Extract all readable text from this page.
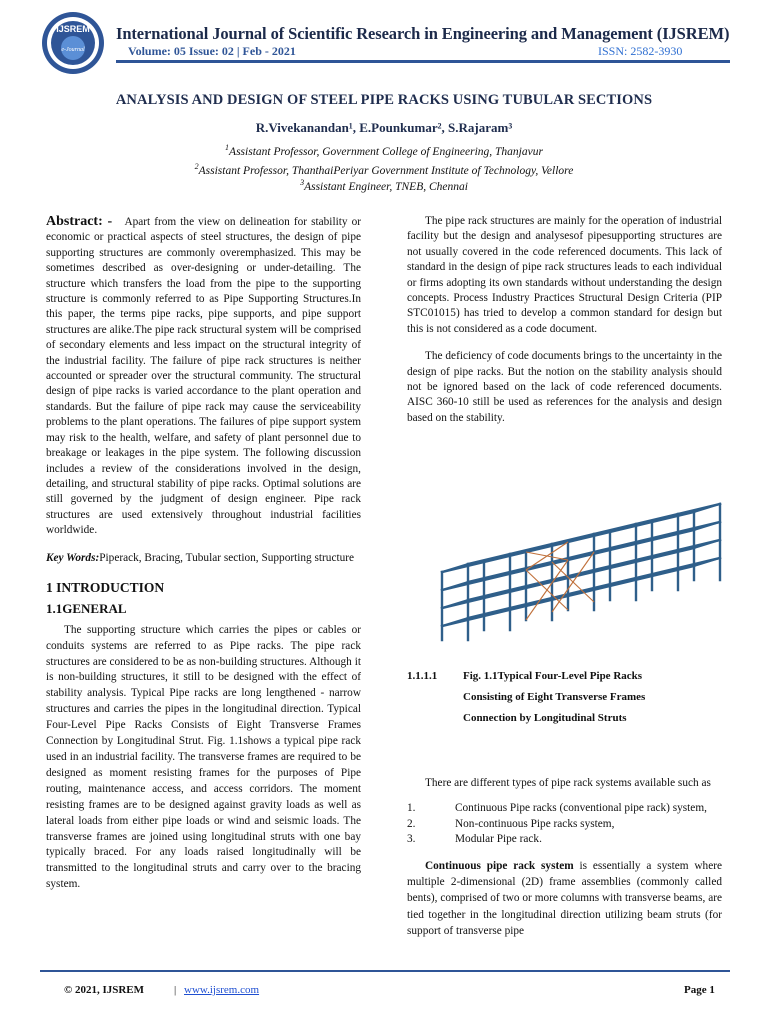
IJSREM
e-Journal
International Journal of Scientific Research in Engineering and Management (IJSREM)
Volume: 05 Issue: 02 | Feb - 2021	ISSN: 2582-3930
ANALYSIS AND DESIGN OF STEEL PIPE RACKS USING TUBULAR SECTIONS
R.Vivekanandan¹, E.Pounkumar², S.Rajaram³
$^1$Assistant Professor, Government College of Engineering, Thanjavur
$^2$Assistant Professor, ThanthaiPeriyar Government Institute of Technology, Vellore
$^3$Assistant Engineer, TNEB, Chennai

Abstract: - Apart from the view on delineation for stability or economic or practical aspects of steel structures, the design of pipe supporting structures are commonly overemphasized. This may be sometimes described as over-designing or under-detailing. The structure which transfers the load from the pipe to the supporting structure is commonly referred to as Pipe Supporting Structures.In this paper, the terms pipe racks, pipe supports, and pipe support structures are alike.The pipe rack structural system will be comprised of secondary elements and less impact on the structural integrity of the industrial facility. The failure of pipe rack structures is neither accounted or spreader over the structural community. The structural design of pipe racks is varied accordance to the plant operation and standards. But the failure of pipe rack may cause the serviceability problems to the plant operations. The failures of pipe support system may risk to the health, welfare, and safety of plant personnel due to breakage or leakages in the pipe system. The following discussion includes a review of the considerations involved in the design, detailing, and structural stability of pipe racks. Optimal solutions are still governed by the judgment of design engineer. Pipe rack structures are used extensively throughout industrial facilities worldwide.

Key Words:Piperack, Bracing, Tubular section, Supporting structure

1 INTRODUCTION
1.1GENERAL

The supporting structure which carries the pipes or cables or conduits systems are referred to as Pipe racks. The pipe rack structures are considered to be as non-building structures. Although it is non-building structures, it still to be designed with the effect of stability analysis. Typical Pipe racks are long lengthened - narrow structures and carries the pipes in the longitudinal direction. Typical Four-Level Pipe Racks Consists of Eight Transverse Frames Connection by Longitudinal Strut. Fig. 1.1shows a typical pipe rack used in an industrial facility. The transverse frames are required to be designed as moment resisting frames for the purposes of Pipe routing, maintenance access, and access corridors. The moment resisting frames are to be designed against gravity loads as well as lateral loads from either pipe loads or wind and seismic loads. The transverse frames are joined using longitudinal struts with one bay typically braced. For any loads raised longitudinally will be transmitted to the longitudinal struts and carry over to the bracing system.

The pipe rack structures are mainly for the operation of industrial facility but the design and analysesof pipesupporting structures are not usually covered in the code referenced documents. This lack of standard in the design of pipe rack structures leads to each individual or firms adopting its own standards without understanding the design concepts. Process Industry Practices Structural Design Criteria (PIP STC01015) has tried to develop a common standard for design but this is not considered as a code document.

The deficiency of code documents brings to the uncertainty in the design of pipe racks. But the notion on the stability analysis should not be ignored based on the lack of code referenced documents. AISC 360-10 still be used as references for the analysis and design based on the stability.

1.1.1.1 Fig. 1.1Typical Four-Level Pipe Racks
Consisting of Eight Transverse Frames
Connection by Longitudinal Struts

There are different types of pipe rack systems available such as

1.	Continuous Pipe racks (conventional pipe rack) system,
2.	Non-continuous Pipe racks system,
3.	Modular Pipe rack.

Continuous pipe rack system is essentially a system where multiple 2-dimensional (2D) frame assemblies (commonly called bents), comprised of two or more columns with transverse beams, are tied together in the longitudinal direction utilizing beam struts (for support of transverse pipe

© 2021, IJSREM	| www.ijsrem.com	Page 1
